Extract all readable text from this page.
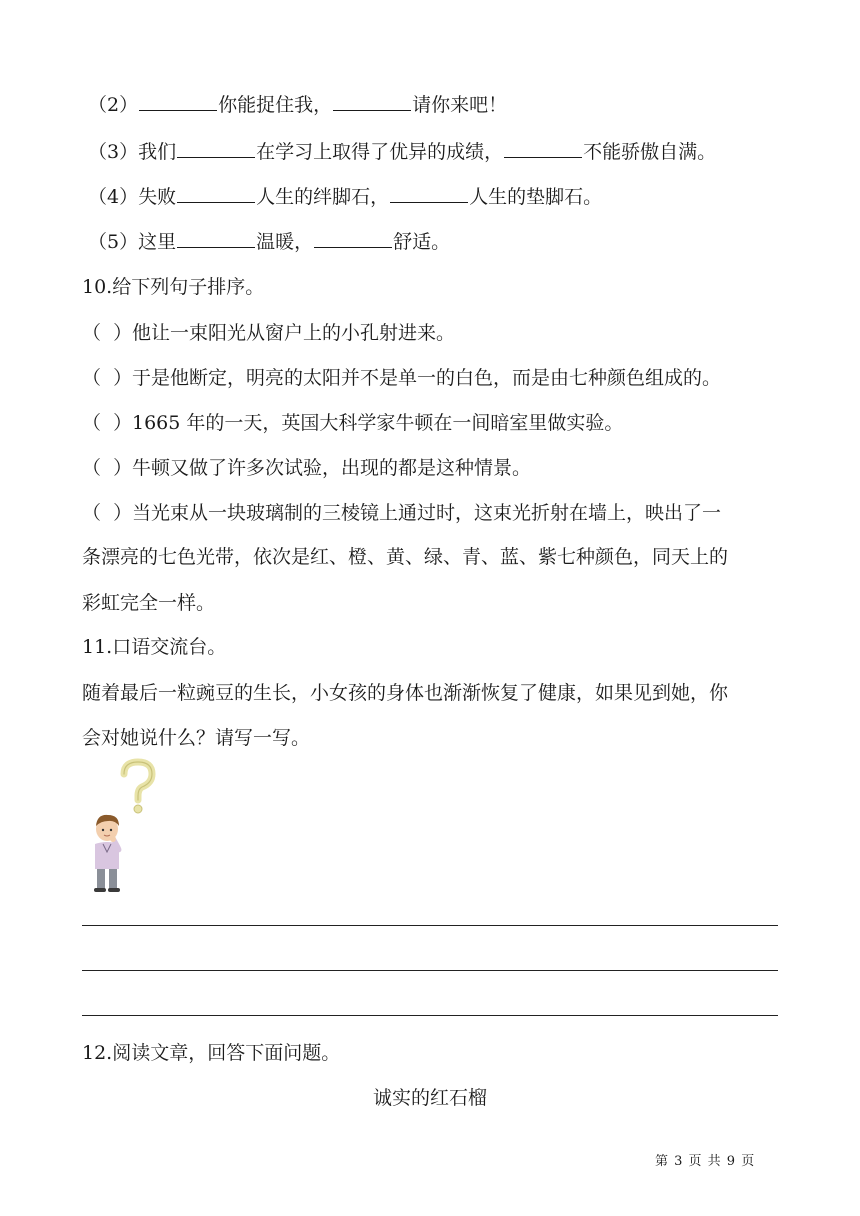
（2）	你能捉住我，	请你来吧！
（3）我们	在学习上取得了优异的成绩，	不能骄傲自满。
（4）失败	人生的绊脚石，	人生的垫脚石。
（5）这里	温暖，	舒适。
10.给下列句子排序。
（ ）他让一束阳光从窗户上的小孔射进来。
（ ）于是他断定，明亮的太阳并不是单一的白色，而是由七种颜色组成的。
（ ）1665 年的一天，英国大科学家牛顿在一间暗室里做实验。
（ ）牛顿又做了许多次试验，出现的都是这种情景。
（ ）当光束从一块玻璃制的三棱镜上通过时，这束光折射在墙上，映出了一
条漂亮的七色光带，依次是红、橙、黄、绿、青、蓝、紫七种颜色，同天上的
彩虹完全一样。
11.口语交流台。
随着最后一粒豌豆的生长，小女孩的身体也渐渐恢复了健康，如果见到她，你
会对她说什么？请写一写。
12.阅读文章，回答下面问题。
诚实的红石榴
第 3 页 共 9 页
